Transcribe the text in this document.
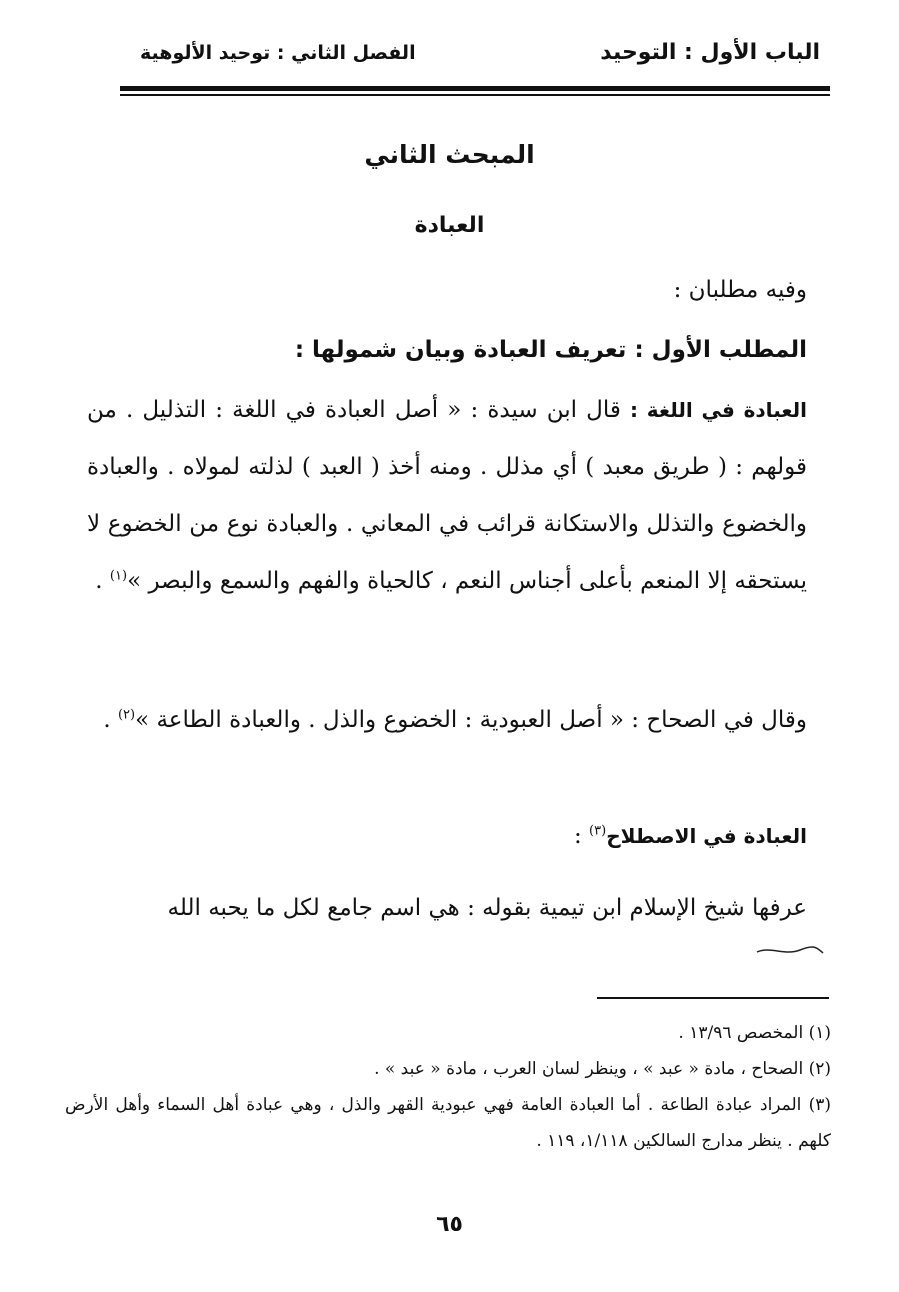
الباب الأول : التوحيد
الفصل الثاني : توحيد الألوهية
المبحث الثاني
العبادة
وفيه مطلبان :
المطلب الأول : تعريف العبادة وبيان شمولها :
العبادة في اللغة : قال ابن سيدة : « أصل العبادة في اللغة : التذليل . من قولهم : ( طريق معبد ) أي مذلل . ومنه أخذ ( العبد ) لذلته لمولاه . والعبادة والخضوع والتذلل والاستكانة قرائب في المعاني . والعبادة نوع من الخضوع لا يستحقه إلا المنعم بأعلى أجناس النعم ، كالحياة والفهم والسمع والبصر »$^{(١)}$ .
وقال في الصحاح : « أصل العبودية : الخضوع والذل . والعبادة الطاعة »$^{(٢)}$ .
العبادة في الاصطلاح$^{(٣)}$ :
عرفها شيخ الإسلام ابن تيمية بقوله : هي اسم جامع لكل ما يحبه الله
(١) المخصص ١٣/٩٦ .
(٢) الصحاح ، مادة « عبد » ، وينظر لسان العرب ، مادة « عبد » .
(٣) المراد عبادة الطاعة . أما العبادة العامة فهي عبودية القهر والذل ، وهي عبادة أهل السماء وأهل الأرض كلهم . ينظر مدارج السالكين ١/١١٨، ١١٩ .
٦٥
